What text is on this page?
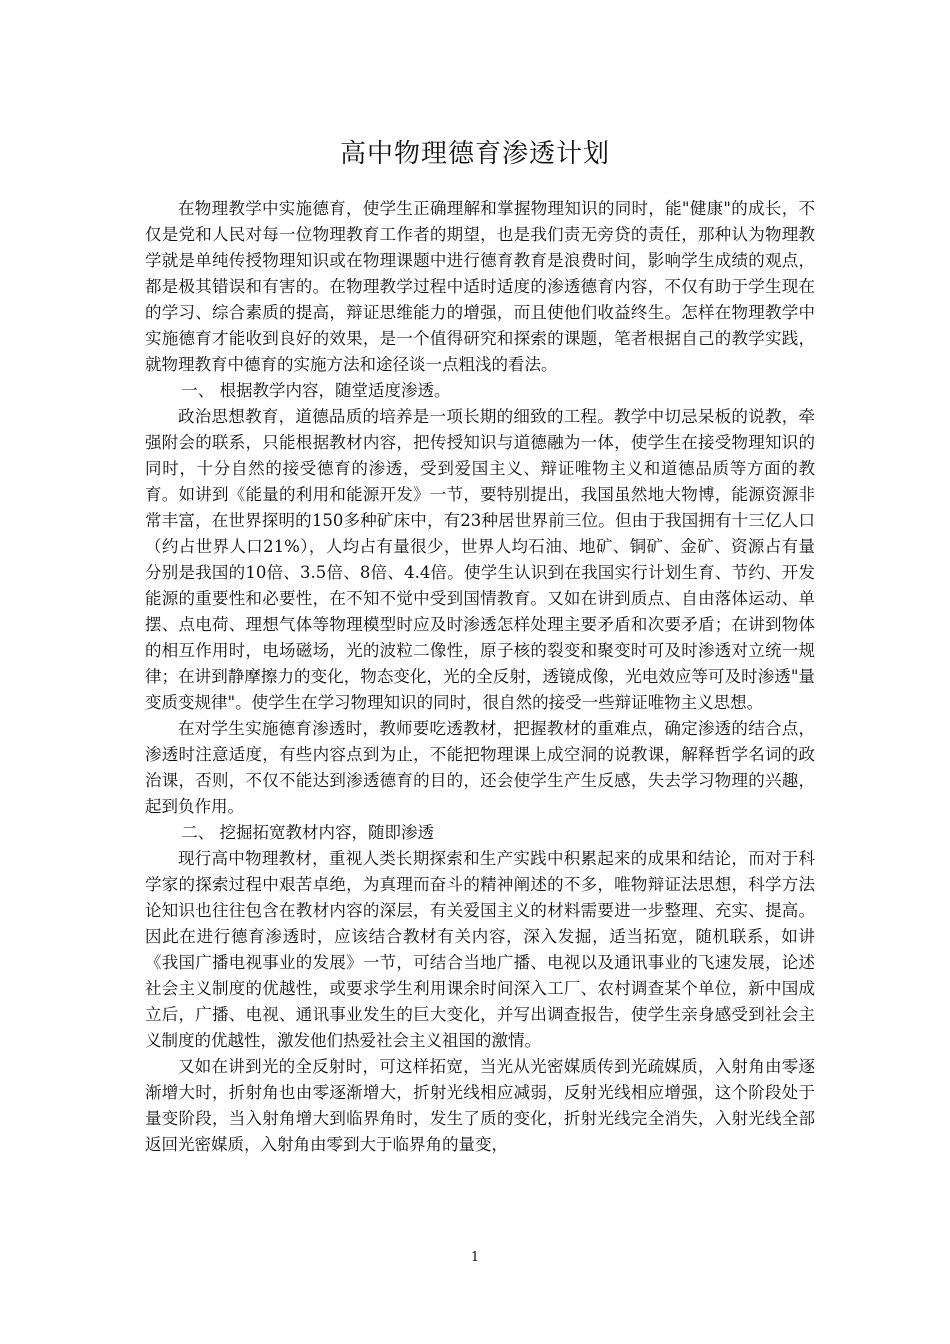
高中物理德育渗透计划

在物理教学中实施德育，使学生正确理解和掌握物理知识的同时，能"健康"的成长，不仅是党和人民对每一位物理教育工作者的期望，也是我们责无旁贷的责任，那种认为物理教学就是单纯传授物理知识或在物理课题中进行德育教育是浪费时间，影响学生成绩的观点，都是极其错误和有害的。在物理教学过程中适时适度的渗透德育内容，不仅有助于学生现在的学习、综合素质的提高，辩证思维能力的增强，而且使他们收益终生。怎样在物理教学中实施德育才能收到良好的效果，是一个值得研究和探索的课题，笔者根据自己的教学实践，就物理教育中德育的实施方法和途径谈一点粗浅的看法。

一、 根据教学内容，随堂适度渗透。

政治思想教育，道德品质的培养是一项长期的细致的工程。教学中切忌呆板的说教，牵强附会的联系，只能根据教材内容，把传授知识与道德融为一体，使学生在接受物理知识的同时，十分自然的接受德育的渗透，受到爱国主义、辩证唯物主义和道德品质等方面的教育。如讲到《能量的利用和能源开发》一节，要特别提出，我国虽然地大物博，能源资源非常丰富，在世界探明的150多种矿床中，有23种居世界前三位。但由于我国拥有十三亿人口（约占世界人口21%），人均占有量很少，世界人均石油、地矿、铜矿、金矿、资源占有量分别是我国的10倍、3.5倍、8倍、4.4倍。使学生认识到在我国实行计划生育、节约、开发能源的重要性和必要性，在不知不觉中受到国情教育。又如在讲到质点、自由落体运动、单摆、点电荷、理想气体等物理模型时应及时渗透怎样处理主要矛盾和次要矛盾；在讲到物体的相互作用时，电场磁场，光的波粒二像性，原子核的裂变和聚变时可及时渗透对立统一规律；在讲到静摩擦力的变化，物态变化，光的全反射，透镜成像，光电效应等可及时渗透"量变质变规律"。使学生在学习物理知识的同时，很自然的接受一些辩证唯物主义思想。

在对学生实施德育渗透时，教师要吃透教材，把握教材的重难点，确定渗透的结合点，渗透时注意适度，有些内容点到为止，不能把物理课上成空洞的说教课，解释哲学名词的政治课，否则，不仅不能达到渗透德育的目的，还会使学生产生反感，失去学习物理的兴趣，起到负作用。

二、 挖掘拓宽教材内容，随即渗透

现行高中物理教材，重视人类长期探索和生产实践中积累起来的成果和结论，而对于科学家的探索过程中艰苦卓绝，为真理而奋斗的精神阐述的不多，唯物辩证法思想，科学方法论知识也往往包含在教材内容的深层，有关爱国主义的材料需要进一步整理、充实、提高。因此在进行德育渗透时，应该结合教材有关内容，深入发掘，适当拓宽，随机联系，如讲《我国广播电视事业的发展》一节，可结合当地广播、电视以及通讯事业的飞速发展，论述社会主义制度的优越性，或要求学生利用课余时间深入工厂、农村调查某个单位，新中国成立后，广播、电视、通讯事业发生的巨大变化，并写出调查报告，使学生亲身感受到社会主义制度的优越性，激发他们热爱社会主义祖国的激情。

又如在讲到光的全反射时，可这样拓宽，当光从光密媒质传到光疏媒质，入射角由零逐渐增大时，折射角也由零逐渐增大，折射光线相应减弱，反射光线相应增强，这个阶段处于量变阶段，当入射角增大到临界角时，发生了质的变化，折射光线完全消失，入射光线全部返回光密媒质，入射角由零到大于临界角的量变，

1
